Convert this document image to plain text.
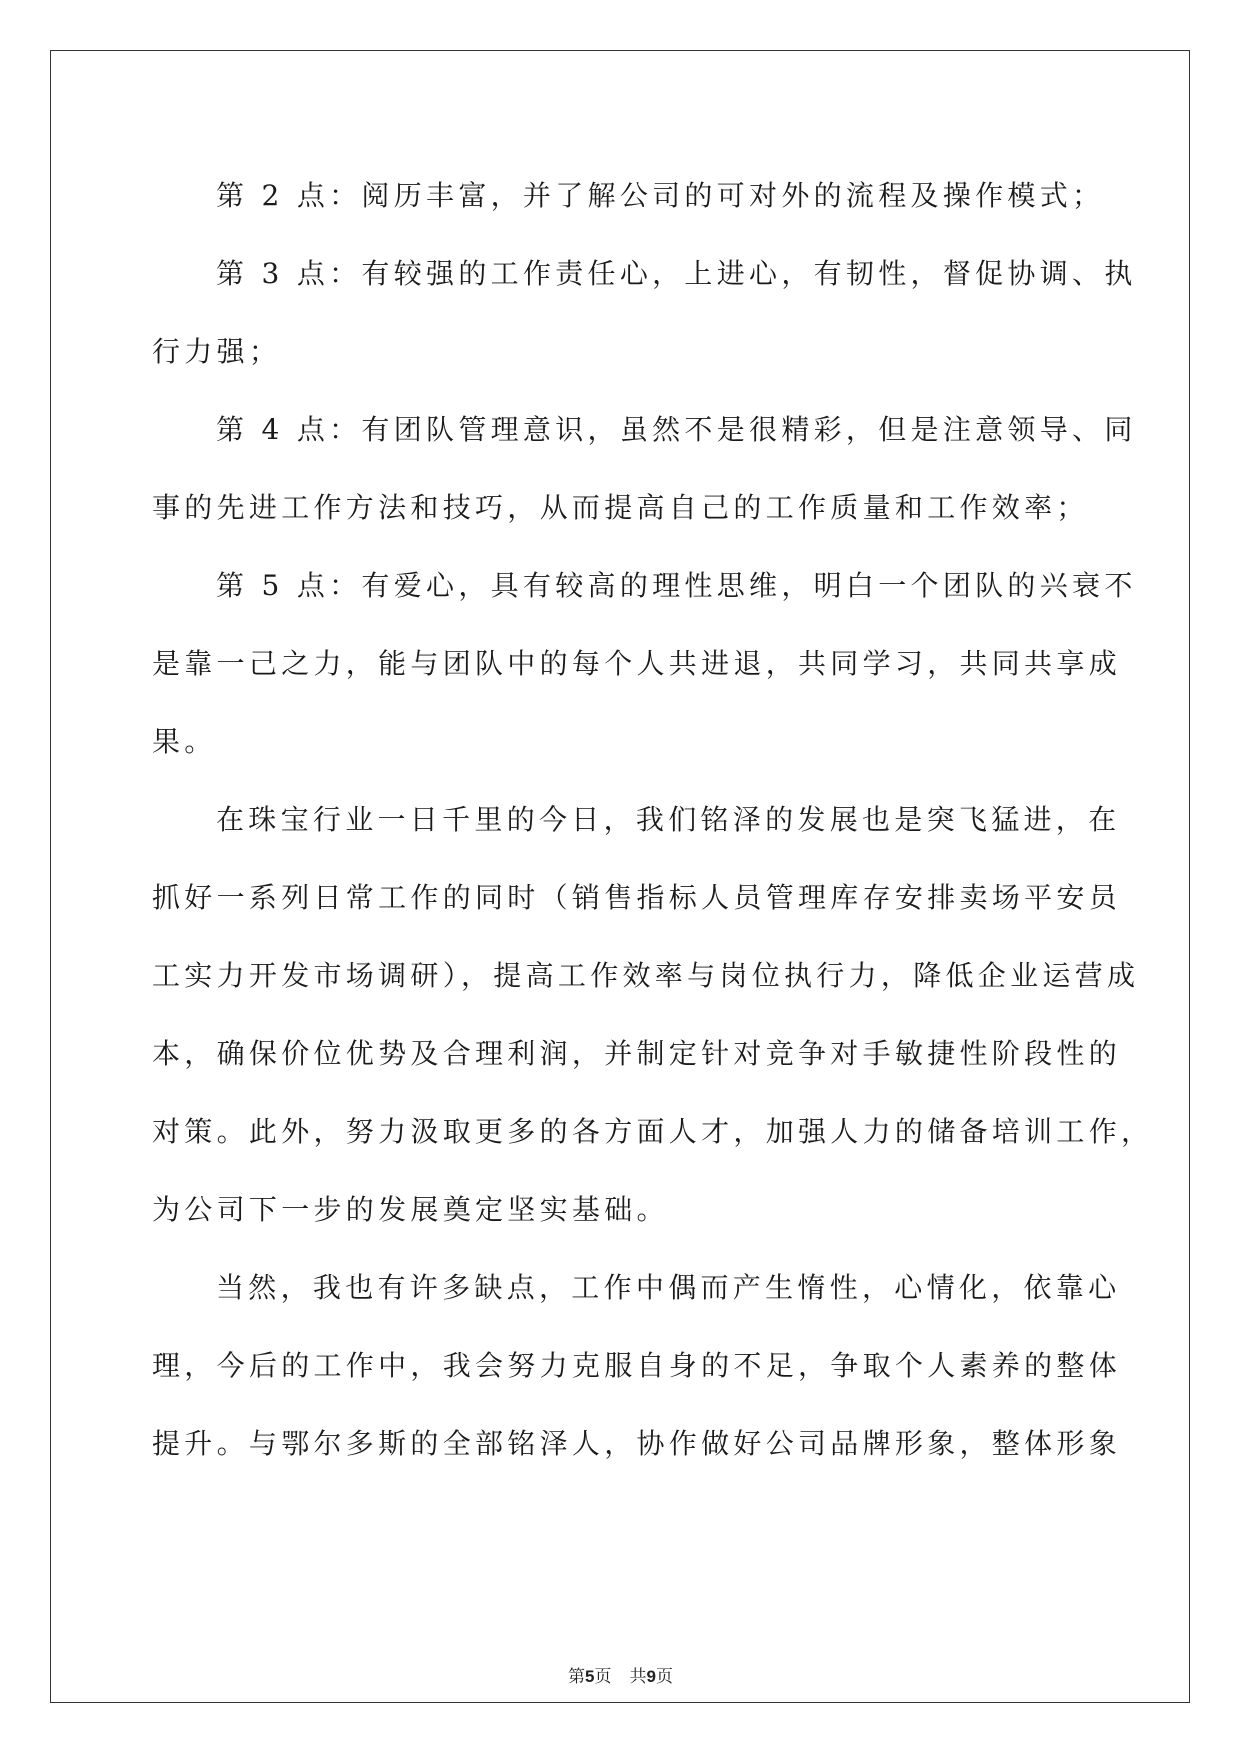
第 2 点：阅历丰富，并了解公司的可对外的流程及操作模式；
第 3 点：有较强的工作责任心，上进心，有韧性，督促协调、执
行力强；
第 4 点：有团队管理意识，虽然不是很精彩，但是注意领导、同
事的先进工作方法和技巧，从而提高自己的工作质量和工作效率；
第 5 点：有爱心，具有较高的理性思维，明白一个团队的兴衰不
是靠一己之力，能与团队中的每个人共进退，共同学习，共同共享成
果。
在珠宝行业一日千里的今日，我们铭泽的发展也是突飞猛进，在
抓好一系列日常工作的同时（销售指标人员管理库存安排卖场平安员
工实力开发市场调研），提高工作效率与岗位执行力，降低企业运营成
本，确保价位优势及合理利润，并制定针对竞争对手敏捷性阶段性的
对策。此外，努力汲取更多的各方面人才，加强人力的储备培训工作，
为公司下一步的发展奠定坚实基础。
当然，我也有许多缺点，工作中偶而产生惰性，心情化，依靠心
理，今后的工作中，我会努力克服自身的不足，争取个人素养的整体
提升。与鄂尔多斯的全部铭泽人，协作做好公司品牌形象，整体形象
第5页 共9页
